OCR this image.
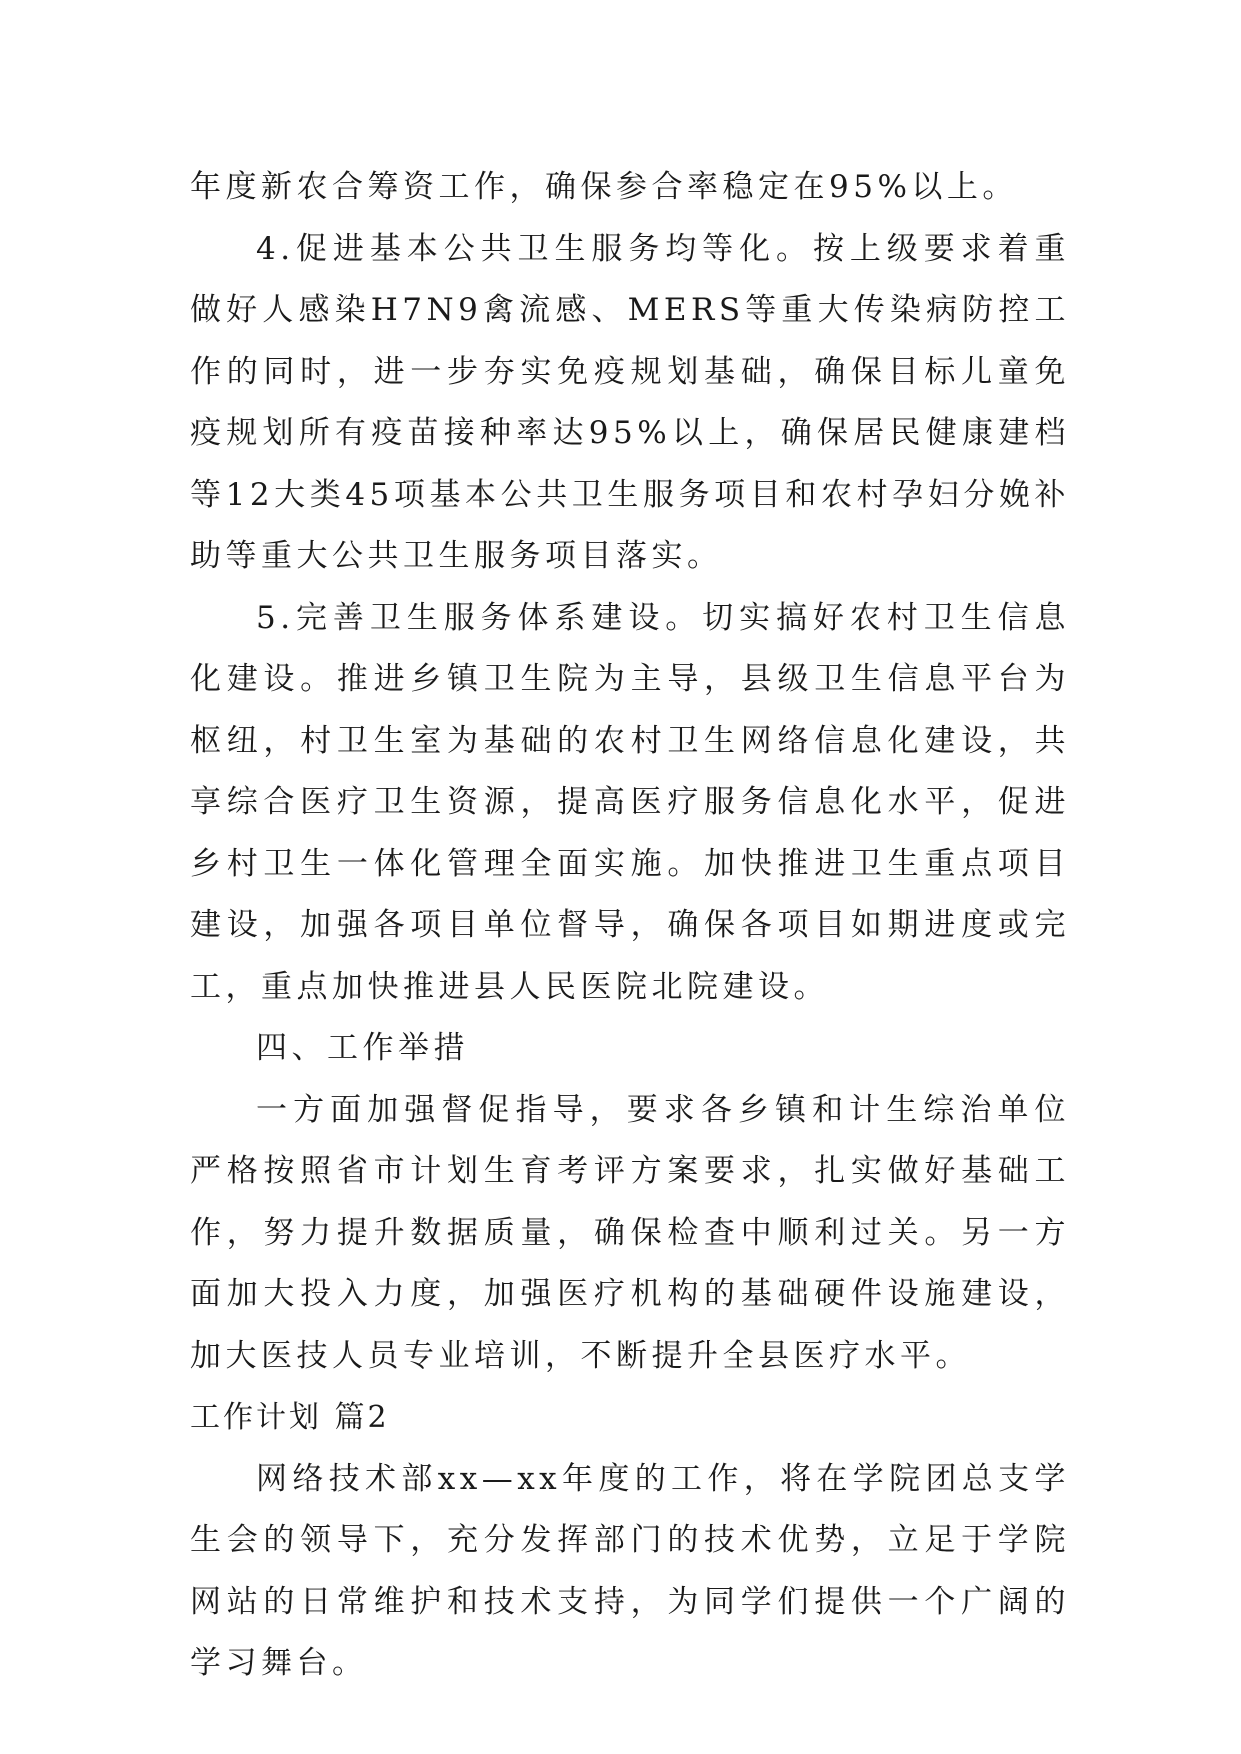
年度新农合筹资工作，确保参合率稳定在95%以上。

4.促进基本公共卫生服务均等化。按上级要求着重做好人感染H7N9禽流感、MERS等重大传染病防控工作的同时，进一步夯实免疫规划基础，确保目标儿童免疫规划所有疫苗接种率达95%以上，确保居民健康建档等12大类45项基本公共卫生服务项目和农村孕妇分娩补助等重大公共卫生服务项目落实。

5.完善卫生服务体系建设。切实搞好农村卫生信息化建设。推进乡镇卫生院为主导，县级卫生信息平台为枢纽，村卫生室为基础的农村卫生网络信息化建设，共享综合医疗卫生资源，提高医疗服务信息化水平，促进乡村卫生一体化管理全面实施。加快推进卫生重点项目建设，加强各项目单位督导，确保各项目如期进度或完工，重点加快推进县人民医院北院建设。

四、工作举措

一方面加强督促指导，要求各乡镇和计生综治单位严格按照省市计划生育考评方案要求，扎实做好基础工作，努力提升数据质量，确保检查中顺利过关。另一方面加大投入力度，加强医疗机构的基础硬件设施建设，加大医技人员专业培训，不断提升全县医疗水平。

工作计划 篇2

网络技术部xx—xx年度的工作，将在学院团总支学生会的领导下，充分发挥部门的技术优势，立足于学院网站的日常维护和技术支持，为同学们提供一个广阔的学习舞台。
